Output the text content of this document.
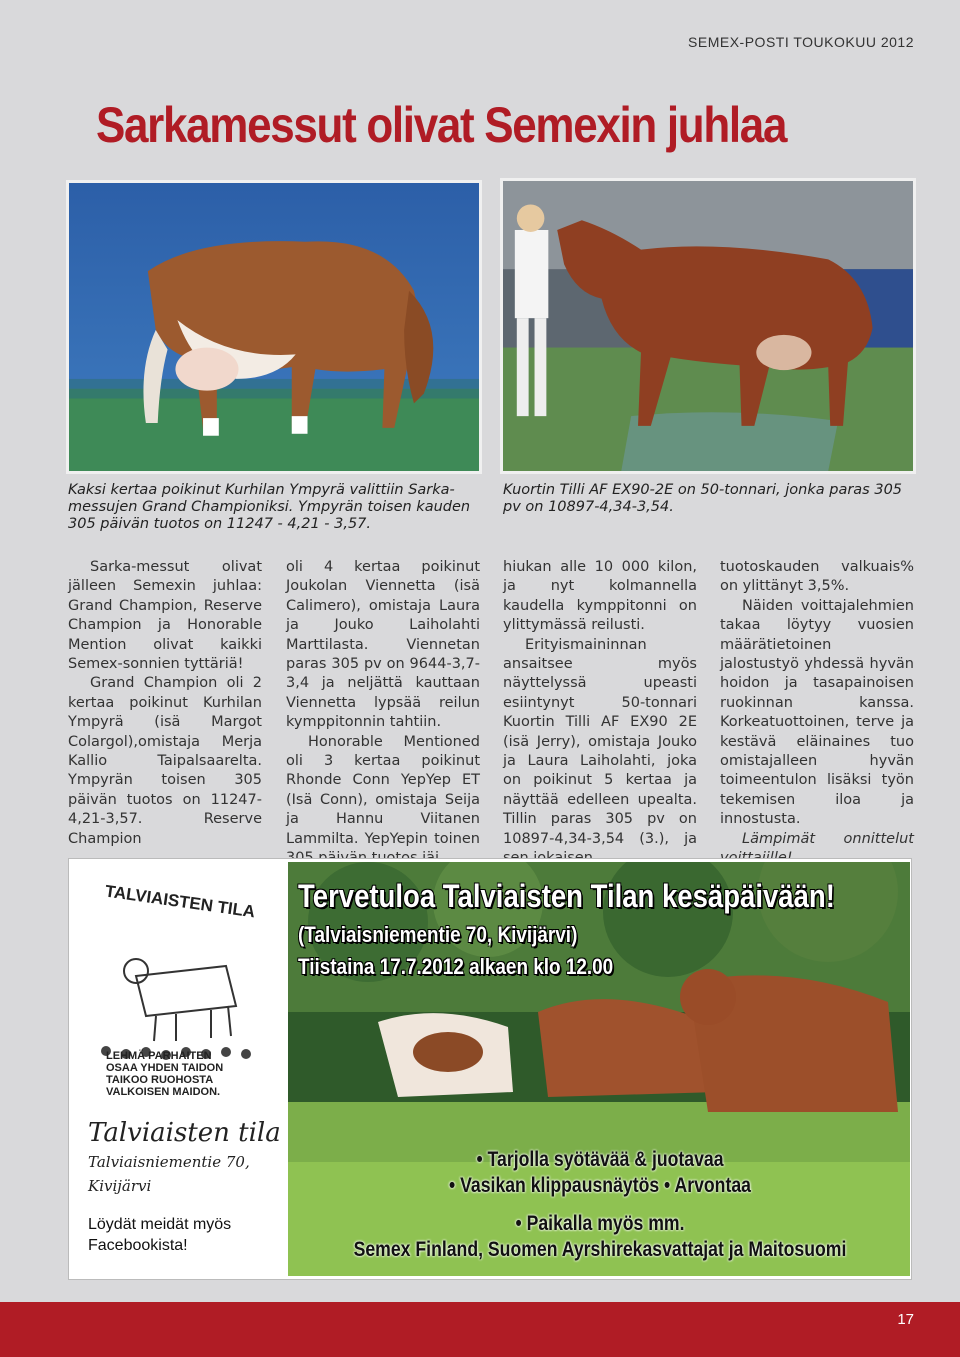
SEMEX-POSTI TOUKOKUU 2012
Sarkamessut olivat Semexin juhlaa
Kaksi kertaa poikinut Kurhilan Ympyrä valittiin Sarka-messujen Grand Championiksi. Ympyrän toisen kauden 305 päivän tuotos on 11247 - 4,21 - 3,57.
Kuortin Tilli AF EX90-2E on 50-tonnari, jonka paras 305 pv on 10897-4,34-3,54.

Sarka-messut olivat jälleen Semexin juhlaa: Grand Champion, Reserve Champion ja Honorable Mention olivat kaikki Semex-sonnien tyttäriä!

Grand Champion oli 2 kertaa poikinut Kurhilan Ympyrä (isä Margot Colargol),omistaja Merja Kallio Taipalsaarelta. Ympyrän toisen 305 päivän tuotos on 11247-4,21-3,57. Reserve Champion

oli 4 kertaa poikinut Joukolan Viennetta (isä Calimero), omistaja Laura ja Jouko Laiholahti Marttilasta. Viennetan paras 305 pv on 9644-3,7-3,4 ja neljättä kauttaan Viennetta lypsää reilun kymppitonnin tahtiin.

Honorable Mentioned oli 3 kertaa poikinut Rhonde Conn YepYep ET (Isä Conn), omistaja Seija ja Hannu Viitanen Lammilta. YepYepin toinen

hiukan alle 10 000 kilon, ja nyt kolmannella kaudella kymppitonni on ylittymässä reilusti.

Erityismaininnan ansaitsee myös näyttelyssä upeasti esiintynyt 50-tonnari Kuortin Tilli AF EX90 2E (isä Jerry), omistaja Jouko ja Laura Laiholahti, joka on poikinut 5 kertaa ja näyttää edelleen upealta. Tillin paras 305 pv on 10897-4,34-3,54 (3.), ja

tuotoskauden valkuais% on ylittänyt 3,5%.

Näiden voittajalehmien takaa löytyy vuosien määrätietoinen jalostustyö yhdessä hyvän hoidon ja tasapainoisen ruokinnan kanssa. Korkeatuottoinen, terve ja kestävä eläinaines tuo omistajalleen hyvän toimeentulon lisäksi työn tekemisen iloa ja innostusta.

Lämpimät onnittelut

TALVIAISTEN TILA
LEHMÄ PARHAITEN
OSAA YHDEN TAIDON
TAIKOO RUOHOSTA
VALKOISEN MAIDON.
Talviaisten tila
Talviaisniementie 70,
Kivijärvi
Löydät meidät myös
Facebookista!
Tervetuloa Talviaisten Tilan kesäpäivään!
(Talviaisniementie 70, Kivijärvi)
Tiistaina 17.7.2012 alkaen klo 12.00
• Tarjolla syötävää & juotavaa
• Vasikan klippausnäytös • Arvontaa
• Paikalla myös mm.
Semex Finland, Suomen Ayrshirekasvattajat ja Maitosuomi
17
